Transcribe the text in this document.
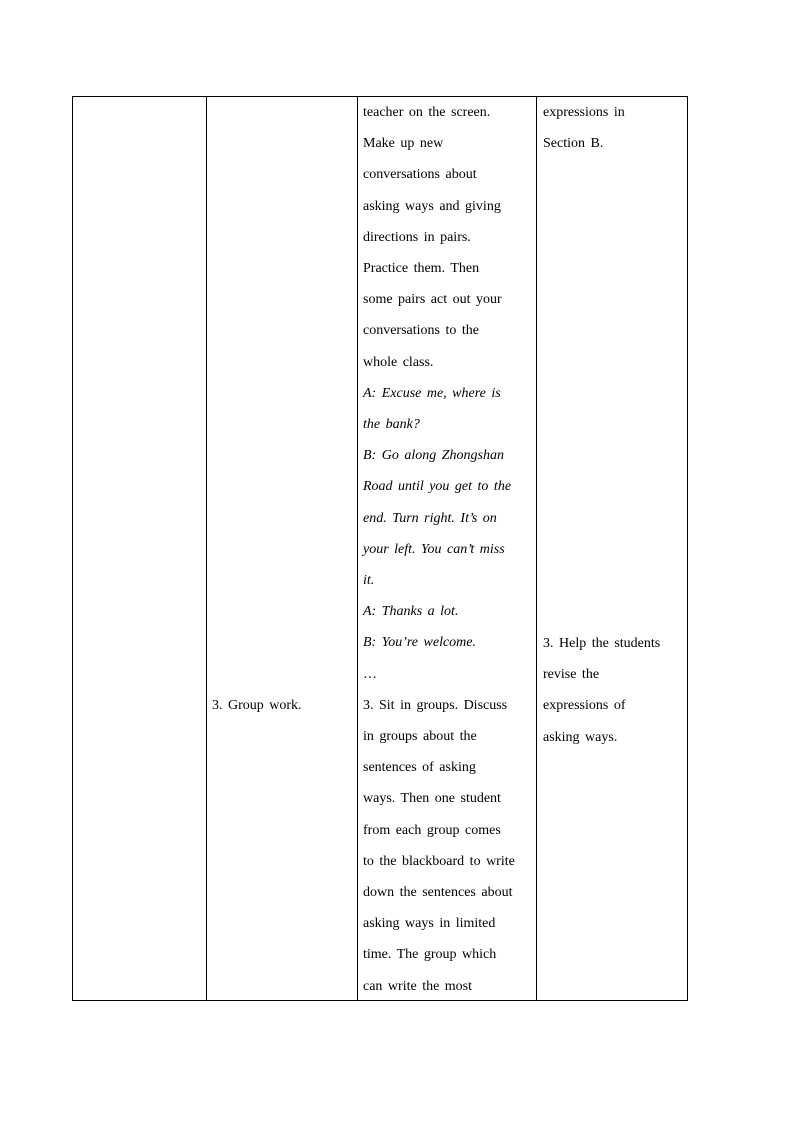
3. Group work.
teacher on the screen.
Make up new
conversations about
asking ways and giving
directions in pairs.
Practice them. Then
some pairs act out your
conversations to the
whole class.
A: Excuse me, where is
the bank?
B: Go along Zhongshan
Road until you get to the
end. Turn right. It’s on
your left. You can’t miss
it.
A: Thanks a lot.
B: You’re welcome.
…
3. Sit in groups. Discuss
in groups about the
sentences of asking
ways. Then one student
from each group comes
to the blackboard to write
down the sentences about
asking ways in limited
time. The group which
can write the most
expressions in
Section B.
3. Help the students
revise the
expressions of
asking ways.
